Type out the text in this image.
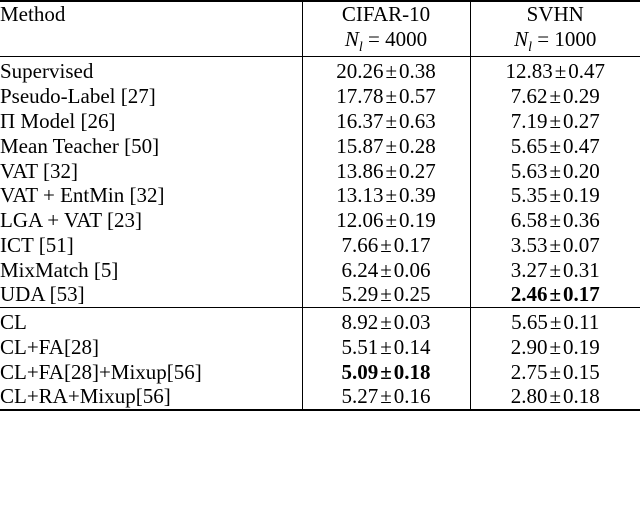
Method	CIFAR-10	SVHN
	$N_l = 4000$	$N_l = 1000$

Supervised	20.26±0.38	12.83±0.47
Pseudo-Label [27]	17.78±0.57	7.62±0.29
Π Model [26]	16.37±0.63	7.19±0.27
Mean Teacher [50]	15.87±0.28	5.65±0.47
VAT [32]	13.86±0.27	5.63±0.20
VAT + EntMin [32]	13.13±0.39	5.35±0.19
LGA + VAT [23]	12.06±0.19	6.58±0.36
ICT [51]	7.66±0.17	3.53±0.07
MixMatch [5]	6.24±0.06	3.27±0.31
UDA [53]	5.29±0.25	2.46±0.17

CL	8.92±0.03	5.65±0.11
CL+FA[28]	5.51±0.14	2.90±0.19
CL+FA[28]+Mixup[56]	5.09±0.18	2.75±0.15
CL+RA+Mixup[56]	5.27±0.16	2.80±0.18
